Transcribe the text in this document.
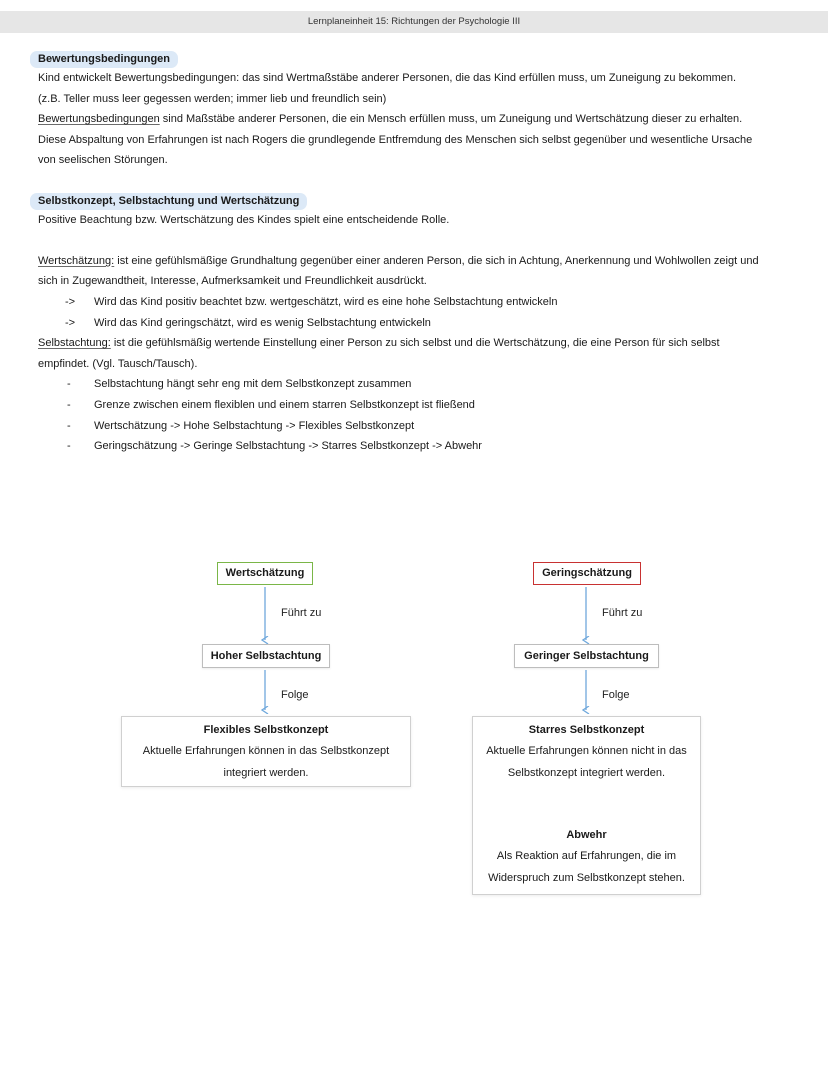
Lernplaneinheit 15: Richtungen der Psychologie III
Bewertungsbedingungen
Kind entwickelt Bewertungsbedingungen: das sind Wertmaßstäbe anderer Personen, die das Kind erfüllen muss, um Zuneigung zu bekommen.
(z.B. Teller muss leer gegessen werden; immer lieb und freundlich sein)
Bewertungsbedingungen sind Maßstäbe anderer Personen, die ein Mensch erfüllen muss, um Zuneigung und Wertschätzung dieser zu erhalten.
Diese Abspaltung von Erfahrungen ist nach Rogers die grundlegende Entfremdung des Menschen sich selbst gegenüber und wesentliche Ursache
von seelischen Störungen.
Selbstkonzept, Selbstachtung und Wertschätzung
Positive Beachtung bzw. Wertschätzung des Kindes spielt eine entscheidende Rolle.
Wertschätzung: ist eine gefühlsmäßige Grundhaltung gegenüber einer anderen Person, die sich in Achtung, Anerkennung und Wohlwollen zeigt und
sich in Zugewandtheit, Interesse, Aufmerksamkeit und Freundlichkeit ausdrückt.
-> Wird das Kind positiv beachtet bzw. wertgeschätzt, wird es eine hohe Selbstachtung entwickeln
-> Wird das Kind geringschätzt, wird es wenig Selbstachtung entwickeln
Selbstachtung: ist die gefühlsmäßig wertende Einstellung einer Person zu sich selbst und die Wertschätzung, die eine Person für sich selbst
empfindet. (Vgl. Tausch/Tausch).
- Selbstachtung hängt sehr eng mit dem Selbstkonzept zusammen
- Grenze zwischen einem flexiblen und einem starren Selbstkonzept ist fließend
- Wertschätzung -> Hohe Selbstachtung -> Flexibles Selbstkonzept
- Geringschätzung -> Geringe Selbstachtung -> Starres Selbstkonzept -> Abwehr
Wertschätzung
Führt zu
Hoher Selbstachtung
Folge
Flexibles Selbstkonzept
Aktuelle Erfahrungen können in das Selbstkonzept
integriert werden.
Geringschätzung
Führt zu
Geringer Selbstachtung
Folge
Starres Selbstkonzept
Aktuelle Erfahrungen können nicht in das
Selbstkonzept integriert werden.
Abwehr
Als Reaktion auf Erfahrungen, die im
Widerspruch zum Selbstkonzept stehen.
